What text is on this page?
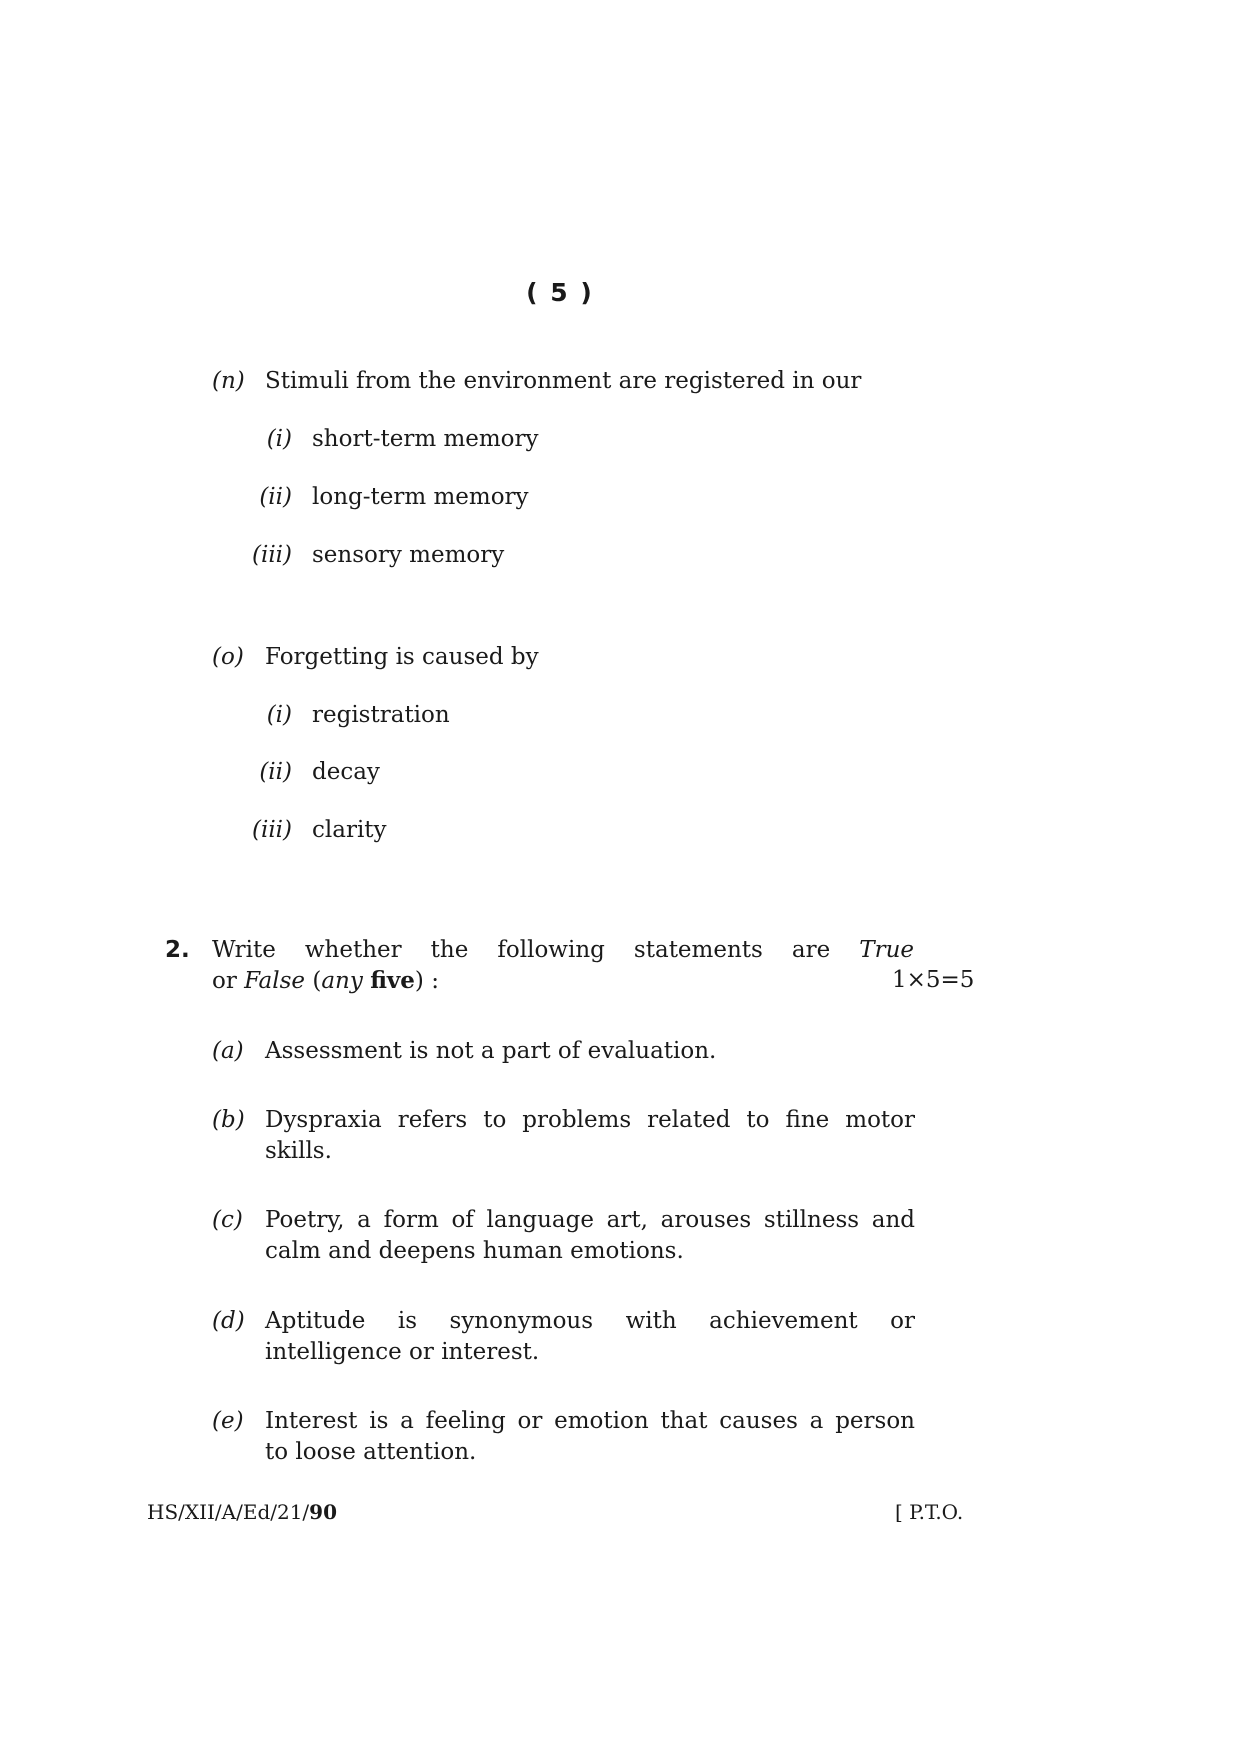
( 5 )
(n) Stimuli from the environment are registered in our
(i) short-term memory
(ii) long-term memory
(iii) sensory memory
(o) Forgetting is caused by
(i) registration
(ii) decay
(iii) clarity
2. Write whether the following statements are True
or False (any five) :	1×5=5
(a) Assessment is not a part of evaluation.
(b) Dyspraxia refers to problems related to fine motor
skills.
(c) Poetry, a form of language art, arouses stillness and
calm and deepens human emotions.
(d) Aptitude is synonymous with achievement or
intelligence or interest.
(e) Interest is a feeling or emotion that causes a person
to loose attention.
HS/XII/A/Ed/21/90	[ P.T.O.
